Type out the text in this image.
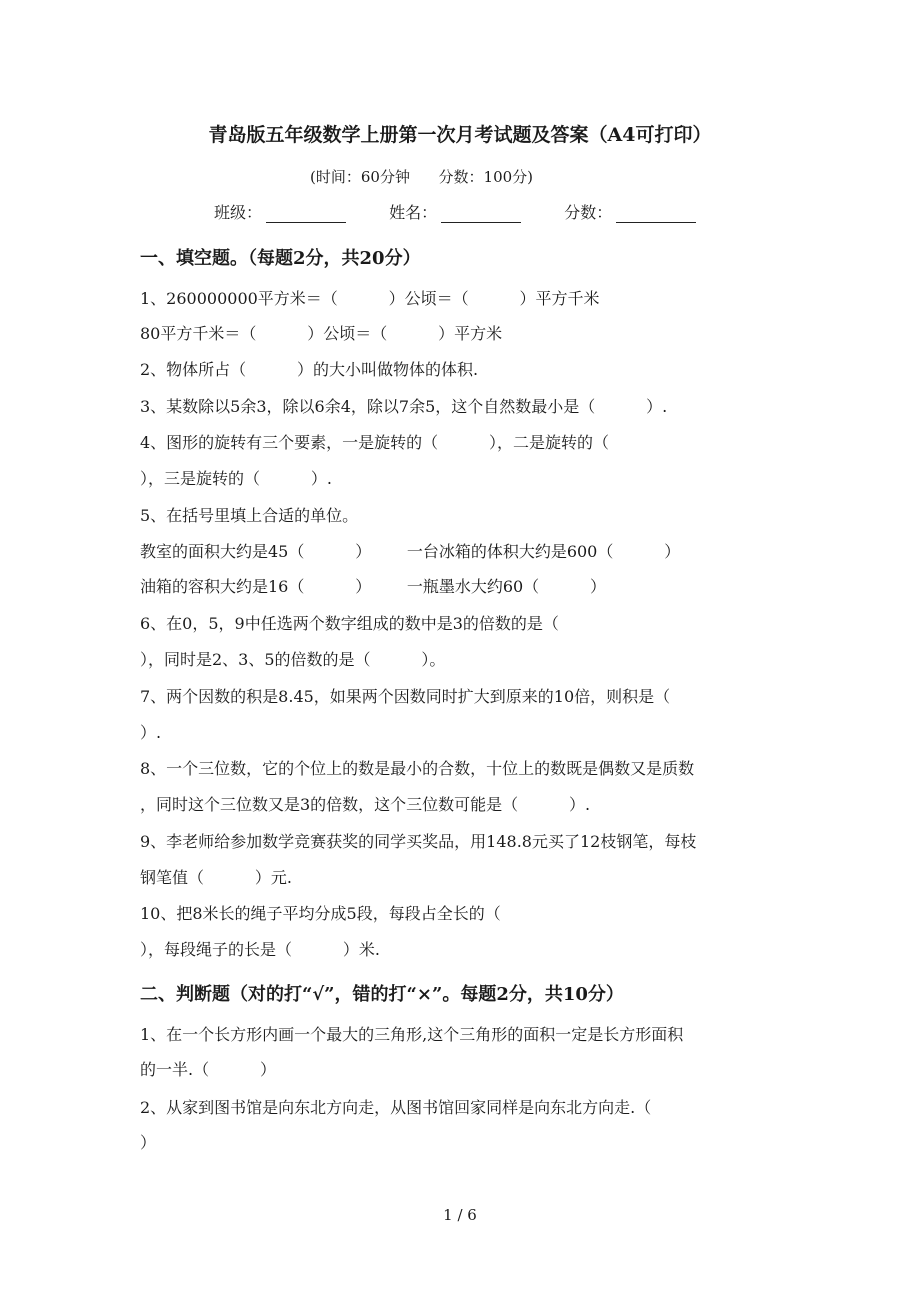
青岛版五年级数学上册第一次月考试题及答案（A4可打印）
(时间：60分钟      分数：100分)
班级：	姓名：	分数：
一、填空题。（每题2分，共20分）
1、260000000平方米＝（          ）公顷＝（          ）平方千米
80平方千米＝（          ）公顷＝（          ）平方米
2、物体所占（          ）的大小叫做物体的体积.
3、某数除以5余3，除以6余4，除以7余5，这个自然数最小是（          ）.
4、图形的旋转有三个要素，一是旋转的（          ），二是旋转的（
），三是旋转的（          ）.
5、在括号里填上合适的单位。
教室的面积大约是45（          ）       一台冰箱的体积大约是600（          ）
油箱的容积大约是16（          ）       一瓶墨水大约60（          ）
6、在0，5，9中任选两个数字组成的数中是3的倍数的是（
），同时是2、3、5的倍数的是（          ）。
7、两个因数的积是8.45，如果两个因数同时扩大到原来的10倍，则积是（
）.
8、一个三位数，它的个位上的数是最小的合数，十位上的数既是偶数又是质数
，同时这个三位数又是3的倍数，这个三位数可能是（          ）.
9、李老师给参加数学竞赛获奖的同学买奖品，用148.8元买了12枝钢笔，每枝
钢笔值（          ）元.
10、把8米长的绳子平均分成5段，每段占全长的（
），每段绳子的长是（          ）米.
二、判断题（对的打“√”，错的打“×”。每题2分，共10分）
1、在一个长方形内画一个最大的三角形,这个三角形的面积一定是长方形面积
的一半.（          ）
2、从家到图书馆是向东北方向走，从图书馆回家同样是向东北方向走.（
）
1 / 6
